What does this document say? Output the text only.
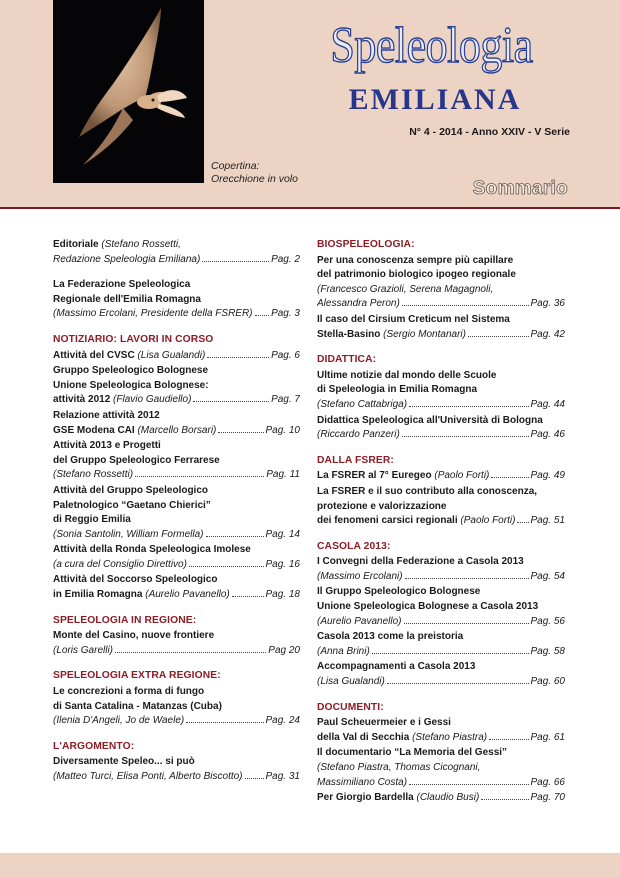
Copertina:
Orecchione in volo
Speleologia
EMILIANA
N° 4 - 2014 - Anno XXIV - V Serie
Sommario
Editoriale
(Stefano Rossetti,
Redazione Speleologia Emiliana)	Pag. 2
La Federazione Speleologica
Regionale dell'Emilia Romagna
(Massimo Ercolani, Presidente della FSRER) Pag. 3
NOTIZIARIO: LAVORI IN CORSO
Attività del CVSC
(Lisa Gualandi)	Pag. 6
Gruppo Speleologico Bolognese
Unione Speleologica Bolognese:
attività 2012
(Flavio Gaudiello)	Pag. 7
Relazione attività 2012
GSE Modena CAI
(Marcello Borsari)	Pag. 10
Attività 2013 e Progetti
del Gruppo Speleologico Ferrarese
(Stefano Rossetti)	Pag. 11
Attività del Gruppo Speleologico
Paletnologico “Gaetano Chierici”
di Reggio Emilia
(Sonia Santolin, William Formella)	Pag. 14
Attività della Ronda Speleologica Imolese
(a cura del Consiglio Direttivo)	Pag. 16
Attività del Soccorso Speleologico
in Emilia Romagna
(Aurelio Pavanello)	Pag. 18
SPELEOLOGIA IN REGIONE:
Monte del Casino, nuove frontiere
(Loris Garelli)	Pag 20
SPELEOLOGIA EXTRA REGIONE:
Le concrezioni a forma di fungo
di Santa Catalina - Matanzas (Cuba)
(Ilenia D'Angeli, Jo de Waele)	Pag. 24
L'ARGOMENTO:
Diversamente Speleo... si può
(Matteo Turci, Elisa Ponti, Alberto Biscotto) Pag. 31
BIOSPELEOLOGIA:
Per una conoscenza sempre più capillare
del patrimonio biologico ipogeo regionale
(Francesco Grazioli, Serena Magagnoli,
Alessandra Peron)	Pag. 36
Il caso del Cirsium Creticum nel Sistema
Stella-Basino
(Sergio Montanari)	Pag. 42
DIDATTICA:
Ultime notizie dal mondo delle Scuole
di Speleologia in Emilia Romagna
(Stefano Cattabriga)	Pag. 44
Didattica Speleologica all'Università di Bologna
(Riccardo Panzeri)	Pag. 46
DALLA FSRER:
La FSRER al 7° Euregeo
(Paolo Forti)	Pag. 49
La FSRER e il suo contributo alla conoscenza,
protezione e valorizzazione
dei fenomeni carsici regionali
(Paolo Forti) Pag. 51
CASOLA 2013:
I Convegni della Federazione a Casola 2013
(Massimo Ercolani)	Pag. 54
Il Gruppo Speleologico Bolognese
Unione Speleologica Bolognese a Casola 2013
(Aurelio Pavanello)	Pag. 56
Casola 2013 come la preistoria
(Anna Brini)	Pag. 58
Accompagnamenti a Casola 2013
(Lisa Gualandi)	Pag. 60
DOCUMENTI:
Paul Scheuermeier e i Gessi
della Val di Secchia
(Stefano Piastra)	Pag. 61
Il documentario “La Memoria del Gessi”
(Stefano Piastra, Thomas Cicognani,
Massimiliano Costa)	Pag. 66
Per Giorgio Bardella
(Claudio Busi)	Pag. 70
